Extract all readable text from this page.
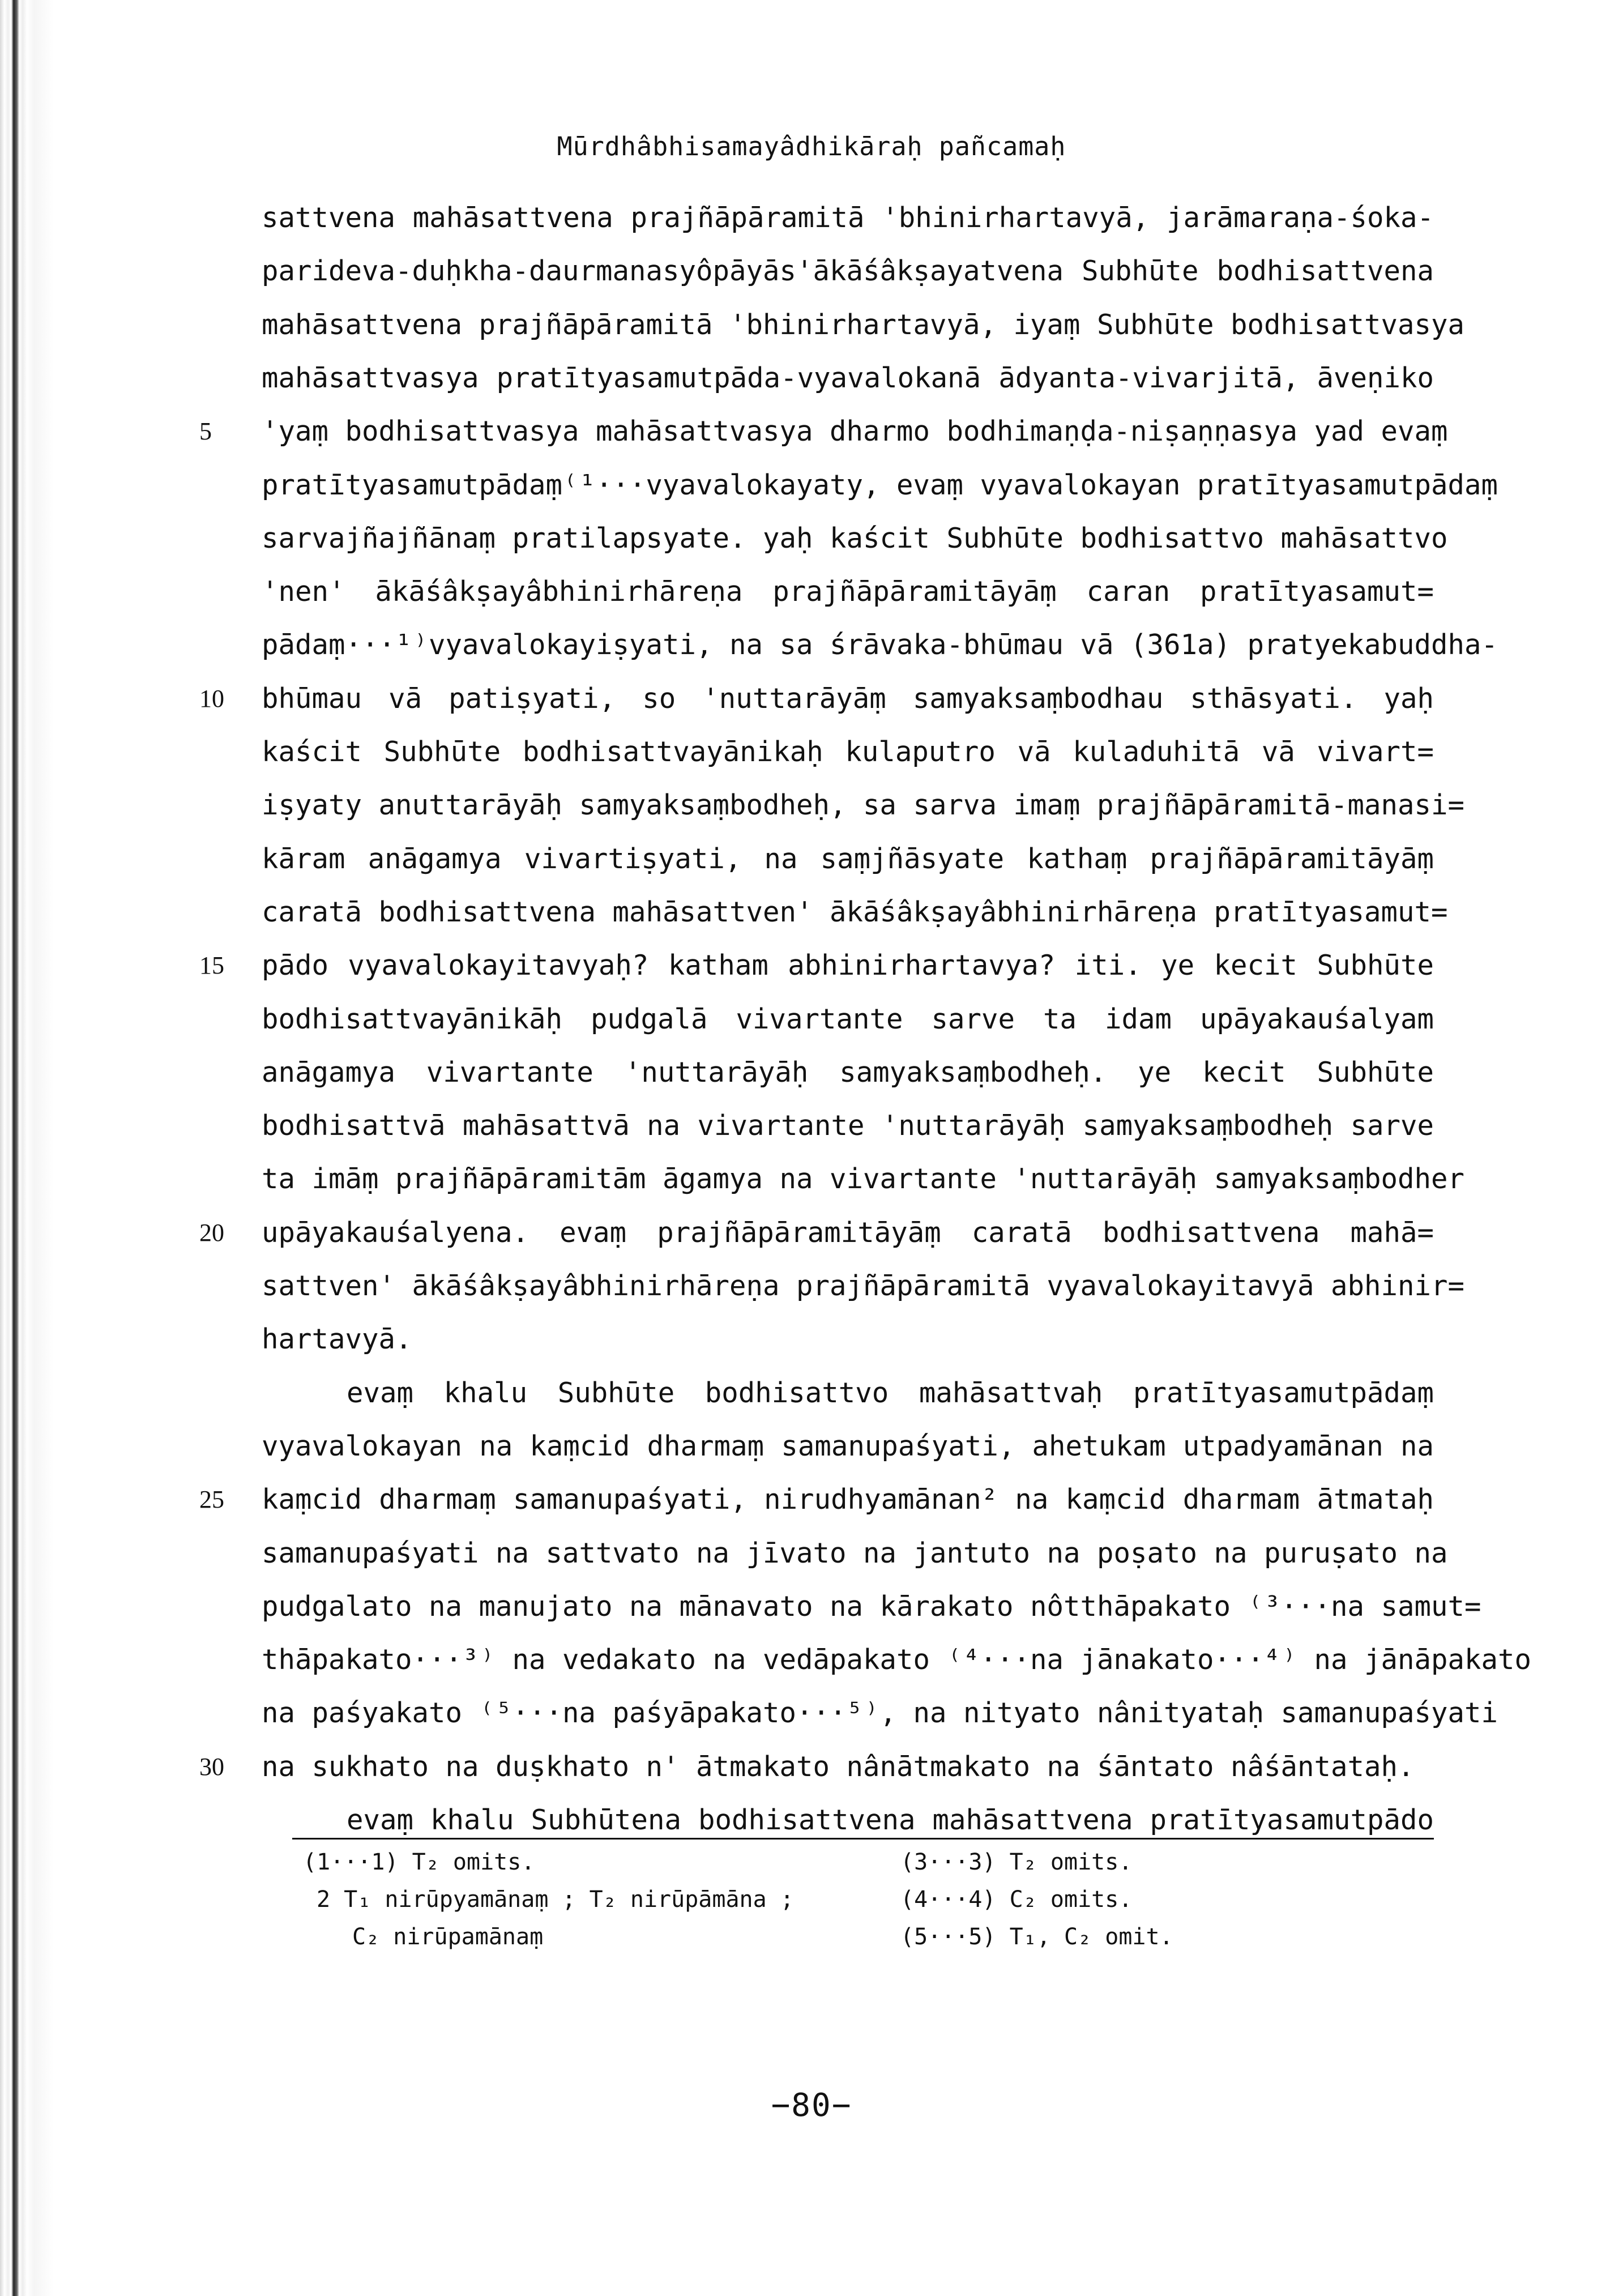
Mūrdhâbhisamayâdhikāraḥ pañcamaḥ
sattvena mahāsattvena prajñāpāramitā 'bhinirhartavyā, jarāmaraṇa-śoka-
parideva-duḥkha-daurmanasyôpāyās'ākāśâkṣayatvena Subhūte bodhisattvena
mahāsattvena prajñāpāramitā 'bhinirhartavyā, iyaṃ Subhūte bodhisattvasya
mahāsattvasya pratītyasamutpāda-vyavalokanā ādyanta-vivarjitā, āveṇiko
'yaṃ bodhisattvasya mahāsattvasya dharmo bodhimaṇḍa-niṣaṇṇasya yad evaṃ
pratītyasamutpādaṃ⁽¹···vyavalokayaty, evaṃ vyavalokayan pratītyasamutpādaṃ
sarvajñajñānaṃ pratilapsyate. yaḥ kaścit Subhūte bodhisattvo mahāsattvo
'nen' ākāśâkṣayâbhinirhāreṇa prajñāpāramitāyāṃ caran pratītyasamut=
pādaṃ···¹⁾vyavalokayiṣyati, na sa śrāvaka-bhūmau vā (361a) pratyekabuddha-
bhūmau vā patiṣyati, so 'nuttarāyāṃ samyaksaṃbodhau sthāsyati. yaḥ
kaścit Subhūte bodhisattvayānikaḥ kulaputro vā kuladuhitā vā vivart=
iṣyaty anuttarāyāḥ samyaksaṃbodheḥ, sa sarva imaṃ prajñāpāramitā-manasi=
kāram anāgamya vivartiṣyati, na saṃjñāsyate kathaṃ prajñāpāramitāyāṃ
caratā bodhisattvena mahāsattven' ākāśâkṣayâbhinirhāreṇa pratītyasamut=
pādo vyavalokayitavyaḥ? katham abhinirhartavya? iti. ye kecit Subhūte
bodhisattvayānikāḥ pudgalā vivartante sarve ta idam upāyakauśalyam
anāgamya vivartante 'nuttarāyāḥ samyaksaṃbodheḥ. ye kecit Subhūte
bodhisattvā mahāsattvā na vivartante 'nuttarāyāḥ samyaksaṃbodheḥ sarve
ta imāṃ prajñāpāramitām āgamya na vivartante 'nuttarāyāḥ samyaksaṃbodher
upāyakauśalyena. evaṃ prajñāpāramitāyāṃ caratā bodhisattvena mahā=
sattven' ākāśâkṣayâbhinirhāreṇa prajñāpāramitā vyavalokayitavyā abhinir=
hartavyā.
evaṃ khalu Subhūte bodhisattvo mahāsattvaḥ pratītyasamutpādaṃ
vyavalokayan na kaṃcid dharmaṃ samanupaśyati, ahetukam utpadyamānan na
kaṃcid dharmaṃ samanupaśyati, nirudhyamānan² na kaṃcid dharmam ātmataḥ
samanupaśyati na sattvato na jīvato na jantuto na poṣato na puruṣato na
pudgalato na manujato na mānavato na kārakato nôtthāpakato ⁽³···na samut=
thāpakato···³⁾ na vedakato na vedāpakato ⁽⁴···na jānakato···⁴⁾ na jānāpakato
na paśyakato ⁽⁵···na paśyāpakato···⁵⁾, na nityato nânityataḥ samanupaśyati
na sukhato na duṣkhato n' ātmakato nânātmakato na śāntato nâśāntataḥ.
evaṃ khalu Subhūtena bodhisattvena mahāsattvena pratītyasamutpādo
5
10
15
20
25
30
(1···1) T₂ omits.
2 T₁ nirūpyamānaṃ ; T₂ nirūpāmāna ;
C₂ nirūpamānaṃ
(3···3) T₂ omits.
(4···4) C₂ omits.
(5···5) T₁, C₂ omit.
−80−
